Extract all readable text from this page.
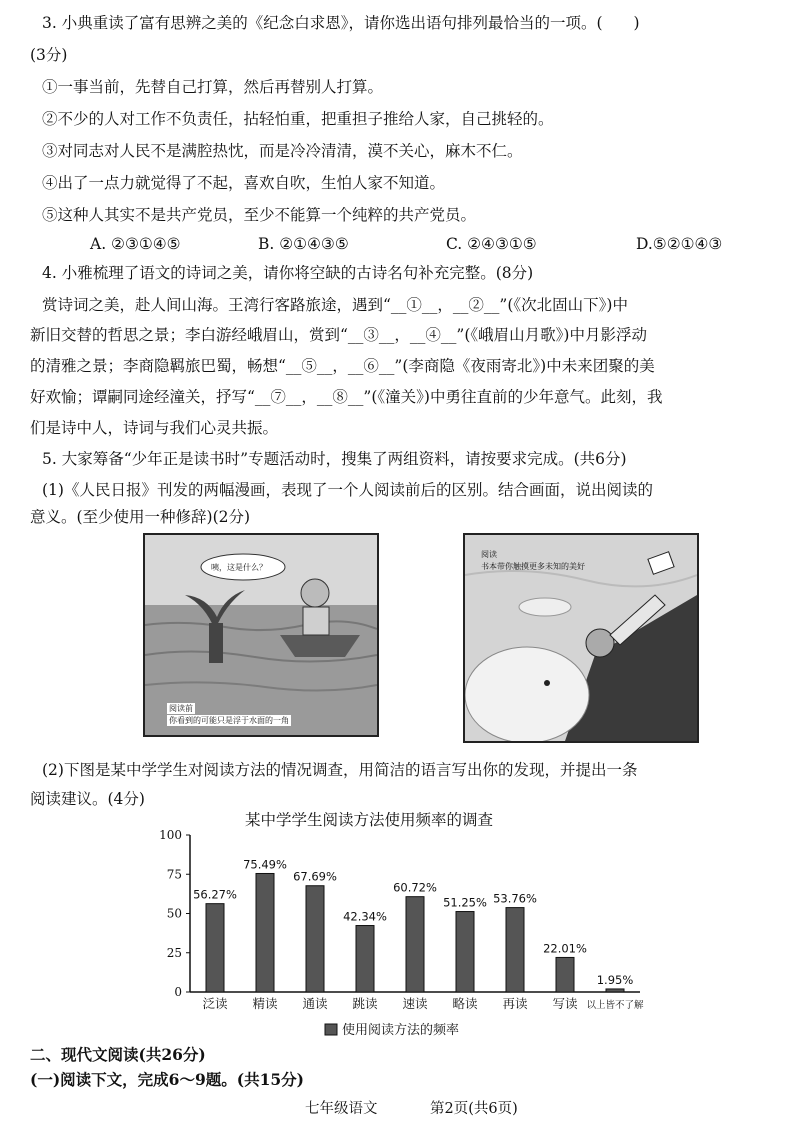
3. 小典重读了富有思辨之美的《纪念白求恩》，请你选出语句排列最恰当的一项。(　　)
(3分)
①一事当前，先替自己打算，然后再替别人打算。
②不少的人对工作不负责任，拈轻怕重，把重担子推给人家，自己挑轻的。
③对同志对人民不是满腔热忱，而是冷冷清清，漠不关心，麻木不仁。
④出了一点力就觉得了不起，喜欢自吹，生怕人家不知道。
⑤这种人其实不是共产党员，至少不能算一个纯粹的共产党员。
A. ②③①④⑤	B. ②①④③⑤	C. ②④③①⑤	D.⑤②①④③
4. 小雅梳理了语文的诗词之美，请你将空缺的古诗名句补充完整。(8分)
赏诗词之美，赴人间山海。王湾行客路旅途，遇到“__①__，__②__”(《次北固山下》)中
新旧交替的哲思之景；李白游经峨眉山，赏到“__③__，__④__”(《峨眉山月歌》)中月影浮动
的清雅之景；李商隐羁旅巴蜀，畅想“__⑤__，__⑥__”(李商隐《夜雨寄北》)中未来团聚的美
好欢愉；谭嗣同途经潼关，抒写“__⑦__，__⑧__”(《潼关》)中勇往直前的少年意气。此刻，我
们是诗中人，诗词与我们心灵共振。
5. 大家筹备“少年正是读书时”专题活动时，搜集了两组资料，请按要求完成。(共6分)
(1)《人民日报》刊发的两幅漫画，表现了一个人阅读前后的区别。结合画面，说出阅读的
意义。(至少使用一种修辞)(2分)
咦，这是什么？
阅读前
你看到的可能只是浮于水面的一角
阅读
书本带你触摸更多未知的美好
(2)下图是某中学学生对阅读方法的情况调查，用简洁的语言写出你的发现，并提出一条
阅读建议。(4分)
某中学学生阅读方法使用频率的调查
0
25
50
75
100
56.27%
泛读
75.49%
精读
67.69%
通读
42.34%
跳读
60.72%
速读
51.25%
略读
53.76%
再读
22.01%
写读
1.95%
以上皆不了解
使用阅读方法的频率
二、现代文阅读(共26分)
(一)阅读下文，完成6～9题。(共15分)
七年级语文	第2页(共6页)
